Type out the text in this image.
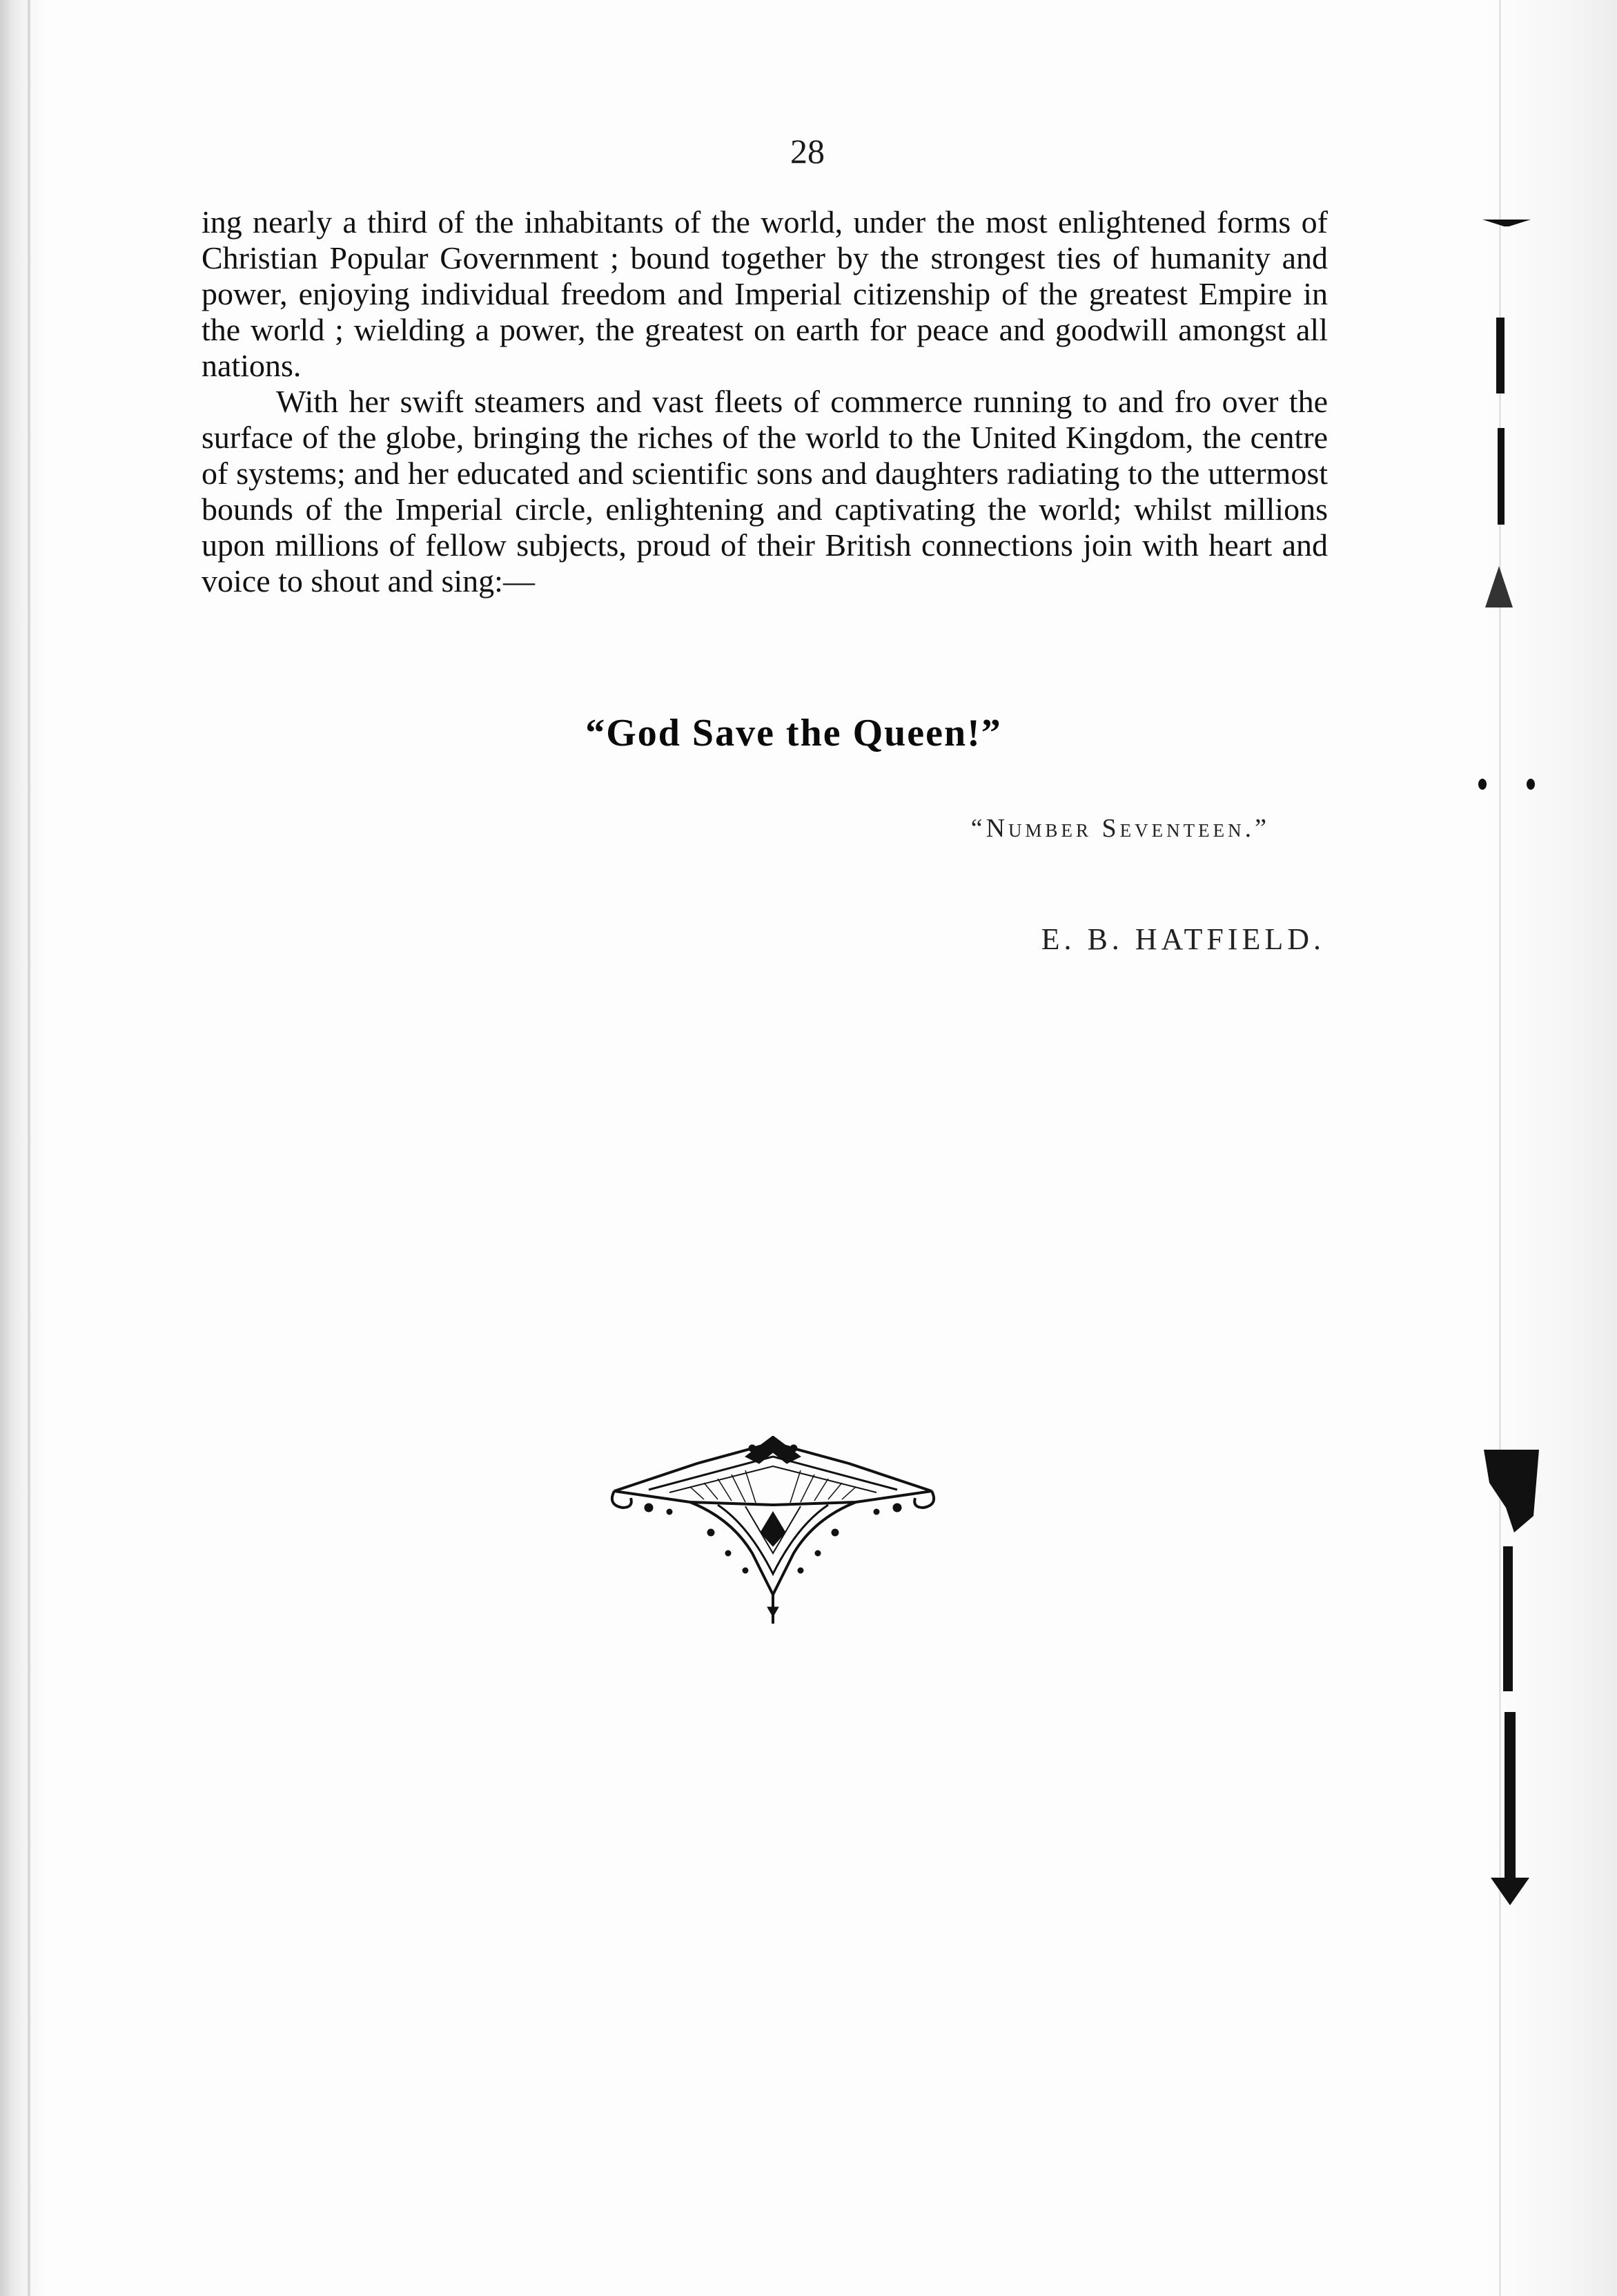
28

ing nearly a third of the inhabitants of the world, under the most enlightened forms of Christian Popular Government ; bound together by the strongest ties of humanity and power, enjoying individual freedom and Imperial citizenship of the greatest Empire in the world ; wielding a power, the greatest on earth for peace and goodwill amongst all nations.

With her swift steamers and vast fleets of commerce running to and fro over the surface of the globe, bringing the riches of the world to the United Kingdom, the centre of systems; and her educated and scientific sons and daughters radiating to the uttermost bounds of the Imperial circle, enlightening and captivating the world; whilst millions upon millions of fellow subjects, proud of their British connections join with heart and voice to shout and sing:—

“God Save the Queen!”
“Number Seventeen.”
E. B. HATFIELD.
